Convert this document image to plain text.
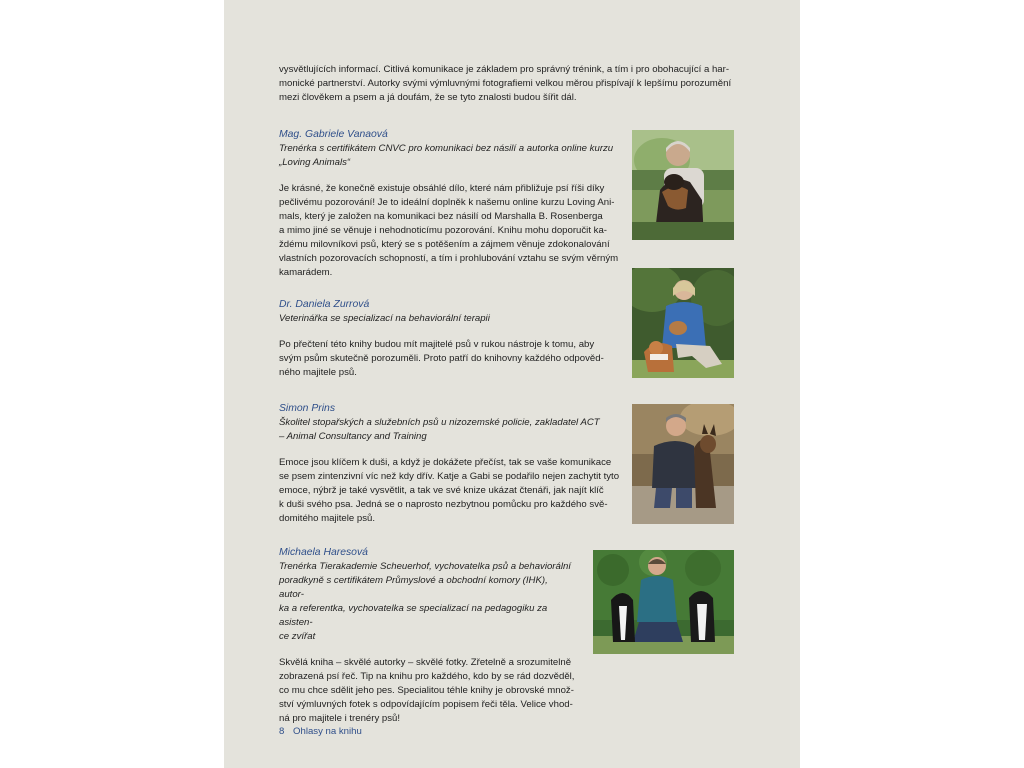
vysvětlujících informací. Citlivá komunikace je základem pro správný trénink, a tím i pro obohacující a har-
monické partnerství. Autorky svými výmluvnými fotografiemi velkou měrou přispívají k lepšímu porozumění
mezi člověkem a psem a já doufám, že se tyto znalosti budou šířit dál.
Mag. Gabriele Vanaová
Trenérka s certifikátem CNVC pro komunikaci bez násilí a autorka online kurzu
„Loving Animals“
Je krásné, že konečně existuje obsáhlé dílo, které nám přibližuje psí říši díky
pečlivému pozorování! Je to ideální doplněk k našemu online kurzu Loving Ani-
mals, který je založen na komunikaci bez násilí od Marshalla B. Rosenberga
a mimo jiné se věnuje i nehodnoticímu pozorování. Knihu mohu doporučit ka-
ždému milovníkovi psů, který se s potěšením a zájmem věnuje zdokonalování
vlastních pozorovacích schopností, a tím i prohlubování vztahu se svým věrným
kamarádem.
Dr. Daniela Zurrová
Veterinářka se specializací na behaviorální terapii
Po přečtení této knihy budou mít majitelé psů v rukou nástroje k tomu, aby
svým psům skutečně porozuměli. Proto patří do knihovny každého odpověd-
ného majitele psů.
Simon Prins
Školitel stopařských a služebních psů u nizozemské policie, zakladatel ACT
– Animal Consultancy and Training
Emoce jsou klíčem k duši, a když je dokážete přečíst, tak se vaše komunikace
se psem zintenzivní víc než kdy dřív. Katje a Gabi se podařilo nejen zachytit tyto
emoce, nýbrž je také vysvětlit, a tak ve své knize ukázat čtenáři, jak najít klíč
k duši svého psa. Jedná se o naprosto nezbytnou pomůcku pro každého svě-
domitého majitele psů.
Michaela Haresová
Trenérka Tierakademie Scheuerhof, vychovatelka psů a behaviorální
poradkyně s certifikátem Průmyslové a obchodní komory (IHK), autor-
ka a referentka, vychovatelka se specializací na pedagogiku za asisten-
ce zvířat
Skvělá kniha – skvělé autorky – skvělé fotky. Zřetelně a srozumitelně
zobrazená psí řeč. Tip na knihu pro každého, kdo by se rád dozvěděl,
co mu chce sdělit jeho pes. Specialitou téhle knihy je obrovské množ-
ství výmluvných fotek s odpovídajícím popisem řeči těla. Velice vhod-
ná pro majitele i trenéry psů!
8 Ohlasy na knihu
